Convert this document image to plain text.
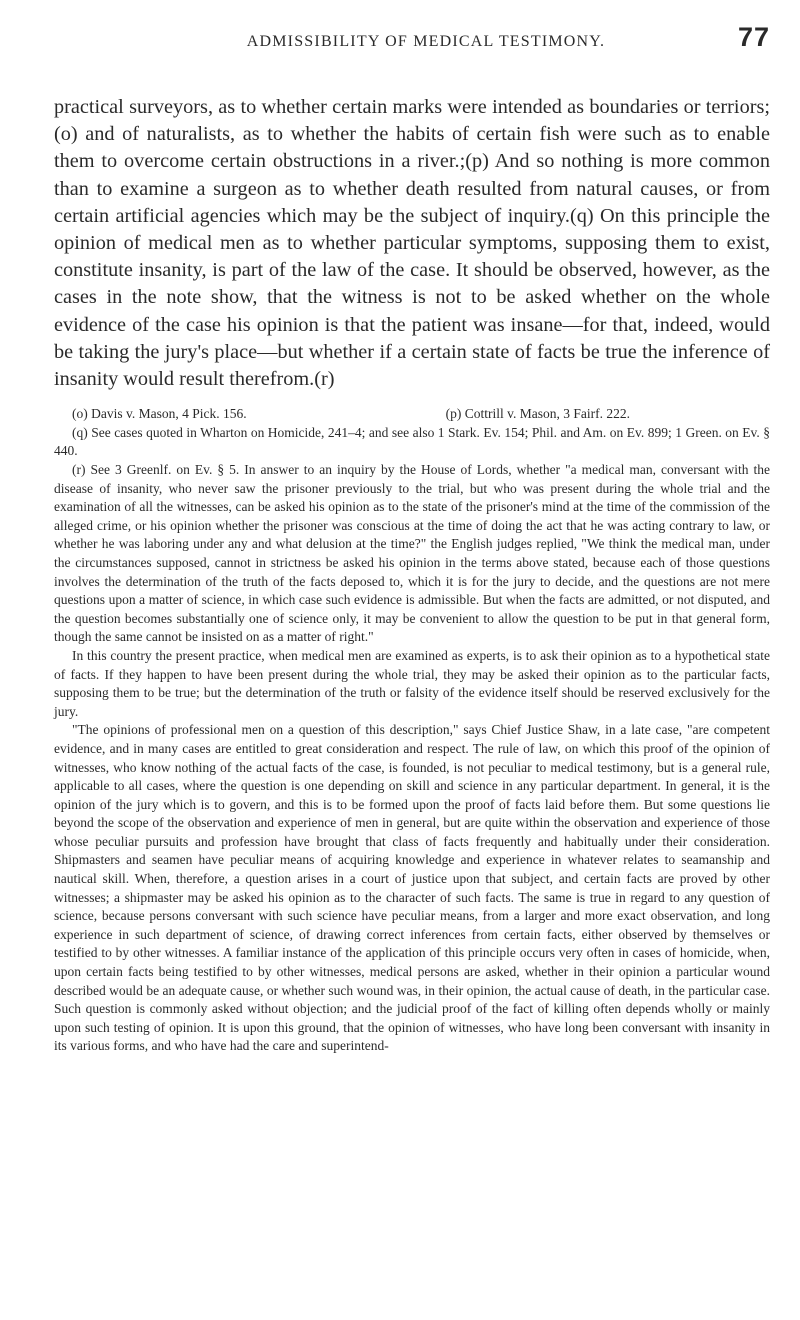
ADMISSIBILITY OF MEDICAL TESTIMONY.	77

practical surveyors, as to whether certain marks were intended as boundaries or terriors;(o) and of naturalists, as to whether the habits of certain fish were such as to enable them to overcome certain obstructions in a river.;(p) And so nothing is more common than to examine a surgeon as to whether death resulted from natural causes, or from certain artificial agencies which may be the subject of inquiry.(q) On this principle the opinion of medical men as to whether particular symptoms, supposing them to exist, constitute insanity, is part of the law of the case. It should be observed, however, as the cases in the note show, that the witness is not to be asked whether on the whole evidence of the case his opinion is that the patient was insane—for that, indeed, would be taking the jury's place—but whether if a certain state of facts be true the inference of insanity would result therefrom.(r)

(o) Davis v. Mason, 4 Pick. 156.	(p) Cottrill v. Mason, 3 Fairf. 222.

(q) See cases quoted in Wharton on Homicide, 241–4; and see also 1 Stark. Ev. 154; Phil. and Am. on Ev. 899; 1 Green. on Ev. § 440.

(r) See 3 Greenlf. on Ev. § 5. In answer to an inquiry by the House of Lords, whether "a medical man, conversant with the disease of insanity, who never saw the prisoner previously to the trial, but who was present during the whole trial and the examination of all the witnesses, can be asked his opinion as to the state of the prisoner's mind at the time of the commission of the alleged crime, or his opinion whether the prisoner was conscious at the time of doing the act that he was acting contrary to law, or whether he was laboring under any and what delusion at the time?" the English judges replied, "We think the medical man, under the circumstances supposed, cannot in strictness be asked his opinion in the terms above stated, because each of those questions involves the determination of the truth of the facts deposed to, which it is for the jury to decide, and the questions are not mere questions upon a matter of science, in which case such evidence is admissible. But when the facts are admitted, or not disputed, and the question becomes substantially one of science only, it may be convenient to allow the question to be put in that general form, though the same cannot be insisted on as a matter of right."

In this country the present practice, when medical men are examined as experts, is to ask their opinion as to a hypothetical state of facts. If they happen to have been present during the whole trial, they may be asked their opinion as to the particular facts, supposing them to be true; but the determination of the truth or falsity of the evidence itself should be reserved exclusively for the jury.

"The opinions of professional men on a question of this description," says Chief Justice Shaw, in a late case, "are competent evidence, and in many cases are entitled to great consideration and respect. The rule of law, on which this proof of the opinion of witnesses, who know nothing of the actual facts of the case, is founded, is not peculiar to medical testimony, but is a general rule, applicable to all cases, where the question is one depending on skill and science in any particular department. In general, it is the opinion of the jury which is to govern, and this is to be formed upon the proof of facts laid before them. But some questions lie beyond the scope of the observation and experience of men in general, but are quite within the observation and experience of those whose peculiar pursuits and profession have brought that class of facts frequently and habitually under their consideration. Shipmasters and seamen have peculiar means of acquiring knowledge and experience in whatever relates to seamanship and nautical skill. When, therefore, a question arises in a court of justice upon that subject, and certain facts are proved by other witnesses; a shipmaster may be asked his opinion as to the character of such facts. The same is true in regard to any question of science, because persons conversant with such science have peculiar means, from a larger and more exact observation, and long experience in such department of science, of drawing correct inferences from certain facts, either observed by themselves or testified to by other witnesses. A familiar instance of the application of this principle occurs very often in cases of homicide, when, upon certain facts being testified to by other witnesses, medical persons are asked, whether in their opinion a particular wound described would be an adequate cause, or whether such wound was, in their opinion, the actual cause of death, in the particular case. Such question is commonly asked without objection; and the judicial proof of the fact of killing often depends wholly or mainly upon such testing of opinion. It is upon this ground, that the opinion of witnesses, who have long been conversant with insanity in its various forms, and who have had the care and superintend-
